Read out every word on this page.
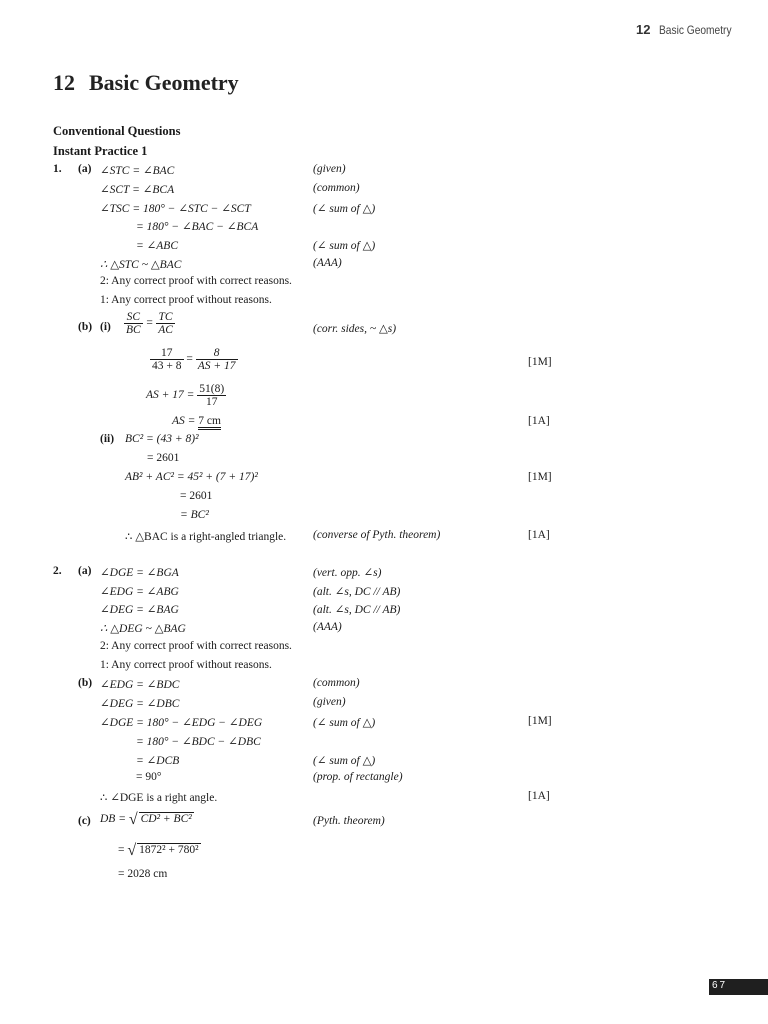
12 Basic Geometry
12 Basic Geometry
Conventional Questions
Instant Practice 1
1. (a) ∠STC = ∠BAC	(given)
∠SCT = ∠BCA	(common)
∠TSC = 180° − ∠STC − ∠SCT	(∠ sum of △)
= 180° − ∠BAC − ∠BCA
= ∠ABC	(∠ sum of △)
∴ △STC ~ △BAC	(AAA)
2: Any correct proof with correct reasons.
1: Any correct proof without reasons.
(b) $(i) \frac{SC}{BC} = \frac{TC}{AC}$	(corr. sides, ~ △s)
$\frac{17}{43 + 8} = \frac{8}{AS + 17}$	[1M]
AS + $17 = \frac{51(8)}{17}$
AS = 7 cm	[1A]
(ii) BC² = (43 + 8)²
= 2601
AB² + AC² = 45² + (7 + 17)²	[1M]
= 2601
= BC²
∴ △BAC is a right-angled triangle. (converse of Pyth. theorem)	[1A]
2. (a) ∠DGE = ∠BGA	(vert. opp. ∠s)
∠EDG = ∠ABG	(alt. ∠s, DC // AB)
∠DEG = ∠BAG	(alt. ∠s, DC // AB)
∴ △DEG ~ △BAG	(AAA)
2: Any correct proof with correct reasons.
1: Any correct proof without reasons.
(b) ∠EDG = ∠BDC	(common)
∠DEG = ∠DBC	(given)
∠DGE = 180° − ∠EDG − ∠DEG	(∠ sum of △)	[1M]
= 180° − ∠BDC − ∠DBC
= ∠DCB	(∠ sum of △)
= 90°	(prop. of rectangle)
∴ ∠DGE is a right angle.	[1A]
(c) DB = √ CD² + BC²	(Pyth. theorem)
= √ 1872² + 780²
= 2028 cm
67
